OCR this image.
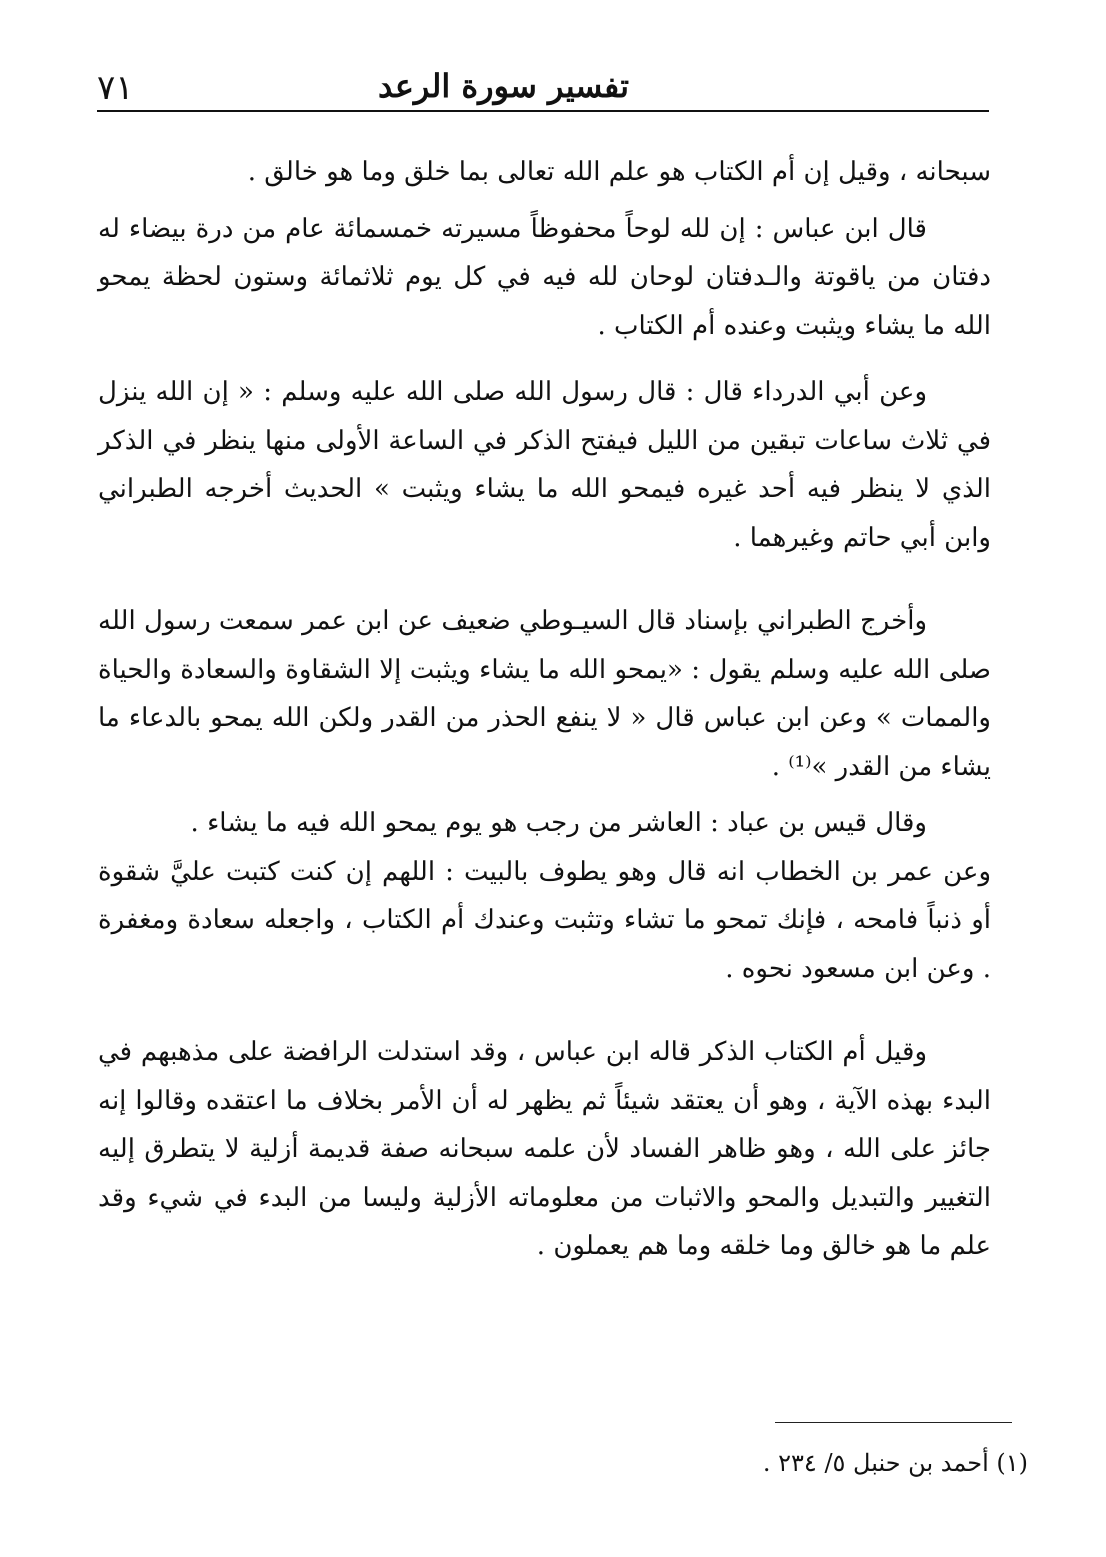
٧١	تفسير سورة الرعد

سبحانه ، وقيل إن أم الكتاب هو علم الله تعالى بما خلق وما هو خالق .

قال ابن عباس : إن لله لوحاً محفوظاً مسيرته خمسمائة عام من درة بيضاء له دفتان من ياقوتة والـدفتان لوحان لله فيه في كل يوم ثلاثمائة وستون لحظة يمحو الله ما يشاء ويثبت وعنده أم الكتاب .

وعن أبي الدرداء قال : قال رسول الله صلى الله عليه وسلم : « إن الله ينزل في ثلاث ساعات تبقين من الليل فيفتح الذكر في الساعة الأولى منها ينظر في الذكر الذي لا ينظر فيه أحد غيره فيمحو الله ما يشاء ويثبت » الحديث أخرجه الطبراني وابن أبي حاتم وغيرهما .

وأخرج الطبراني بإسناد قال السيـوطي ضعيف عن ابن عمر سمعت رسول الله صلى الله عليه وسلم يقول : «يمحو الله ما يشاء ويثبت إلا الشقاوة والسعادة والحياة والممات » وعن ابن عباس قال « لا ينفع الحذر من القدر ولكن الله يمحو بالدعاء ما يشاء من القدر »⁽¹⁾ .

وقال قيس بن عباد : العاشر من رجب هو يوم يمحو الله فيه ما يشاء .

وعن عمر بن الخطاب انه قال وهو يطوف بالبيت : اللهم إن كنت كتبت عليَّ شقوة أو ذنباً فامحه ، فإنك تمحو ما تشاء وتثبت وعندك أم الكتاب ، واجعله سعادة ومغفرة . وعن ابن مسعود نحوه .

وقيل أم الكتاب الذكر قاله ابن عباس ، وقد استدلت الرافضة على مذهبهم في البدء بهذه الآية ، وهو أن يعتقد شيئاً ثم يظهر له أن الأمر بخلاف ما اعتقده وقالوا إنه جائز على الله ، وهو ظاهر الفساد لأن علمه سبحانه صفة قديمة أزلية لا يتطرق إليه التغيير والتبديل والمحو والاثبات من معلوماته الأزلية وليسا من البدء في شيء وقد علم ما هو خالق وما خلقه وما هم يعملون .

(١) أحمد بن حنبل ٥/ ٢٣٤ .
